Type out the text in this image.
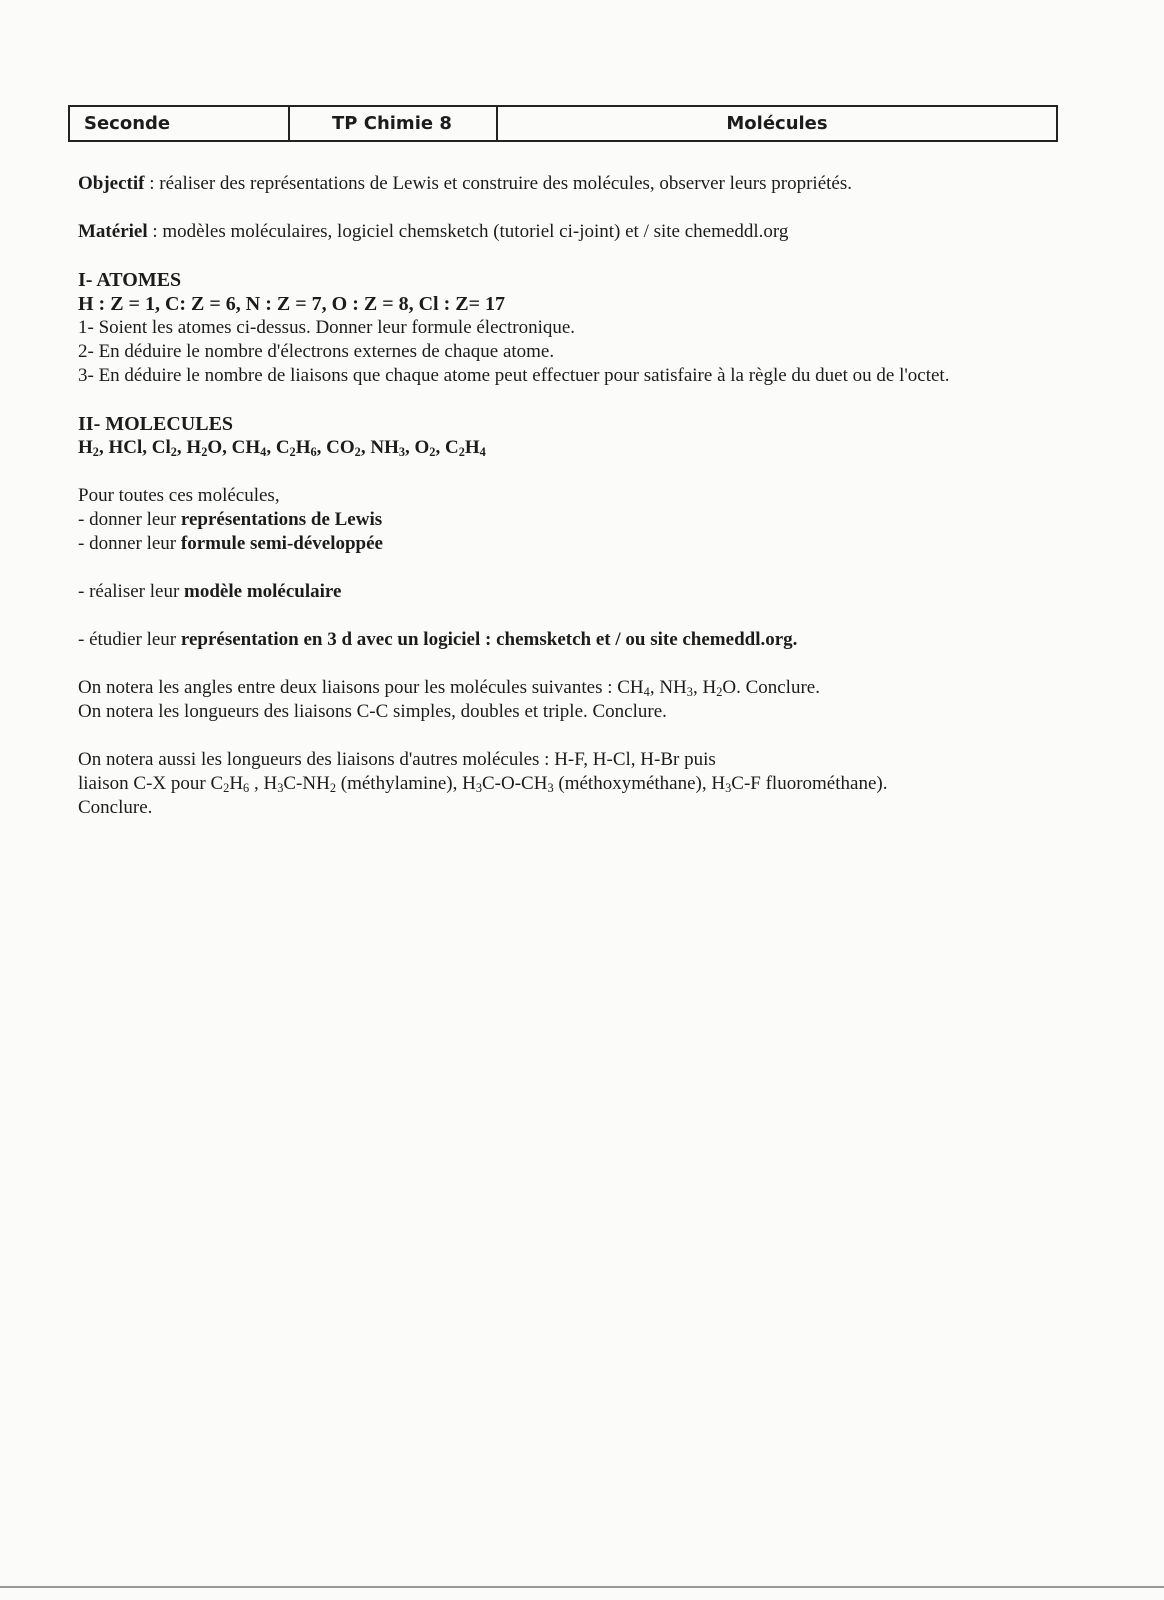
Seconde	TP Chimie 8	Molécules

Objectif : réaliser des représentations de Lewis et construire des molécules, observer leurs propriétés.

Matériel : modèles moléculaires, logiciel chemsketch (tutoriel ci-joint) et / site chemeddl.org

I- ATOMES

H : Z = 1, C: Z = 6, N : Z = 7, O : Z = 8, Cl : Z= 17

1- Soient les atomes ci-dessus. Donner leur formule électronique.

2- En déduire le nombre d'électrons externes de chaque atome.

3- En déduire le nombre de liaisons que chaque atome peut effectuer pour satisfaire à la règle du duet ou de l'octet.

II- MOLECULES

$H_2$, HCl, $Cl_2$, $H_2O$, $CH_4$, $C_2H_6$, $CO_2$, $NH_3$, $O_2$, $C_2H_4$

Pour toutes ces molécules,

- donner leur représentations de Lewis

- donner leur formule semi-développée

- réaliser leur modèle moléculaire

- étudier leur représentation en 3 d avec un logiciel : chemsketch et / ou site chemeddl.org.

On notera les angles entre deux liaisons pour les molécules suivantes : $CH_4$, $NH_3$, $H_2O$. Conclure.

On notera les longueurs des liaisons C-C simples, doubles et triple. Conclure.

On notera aussi les longueurs des liaisons d'autres molécules : H-F, H-Cl, H-Br puis

liaison C-X pour $C_2H_6$ , $H_3C-NH_2$ (méthylamine), $H_3C-O-CH_3$ (méthoxyméthane), $H_3C-F$ fluorométhane).

Conclure.
